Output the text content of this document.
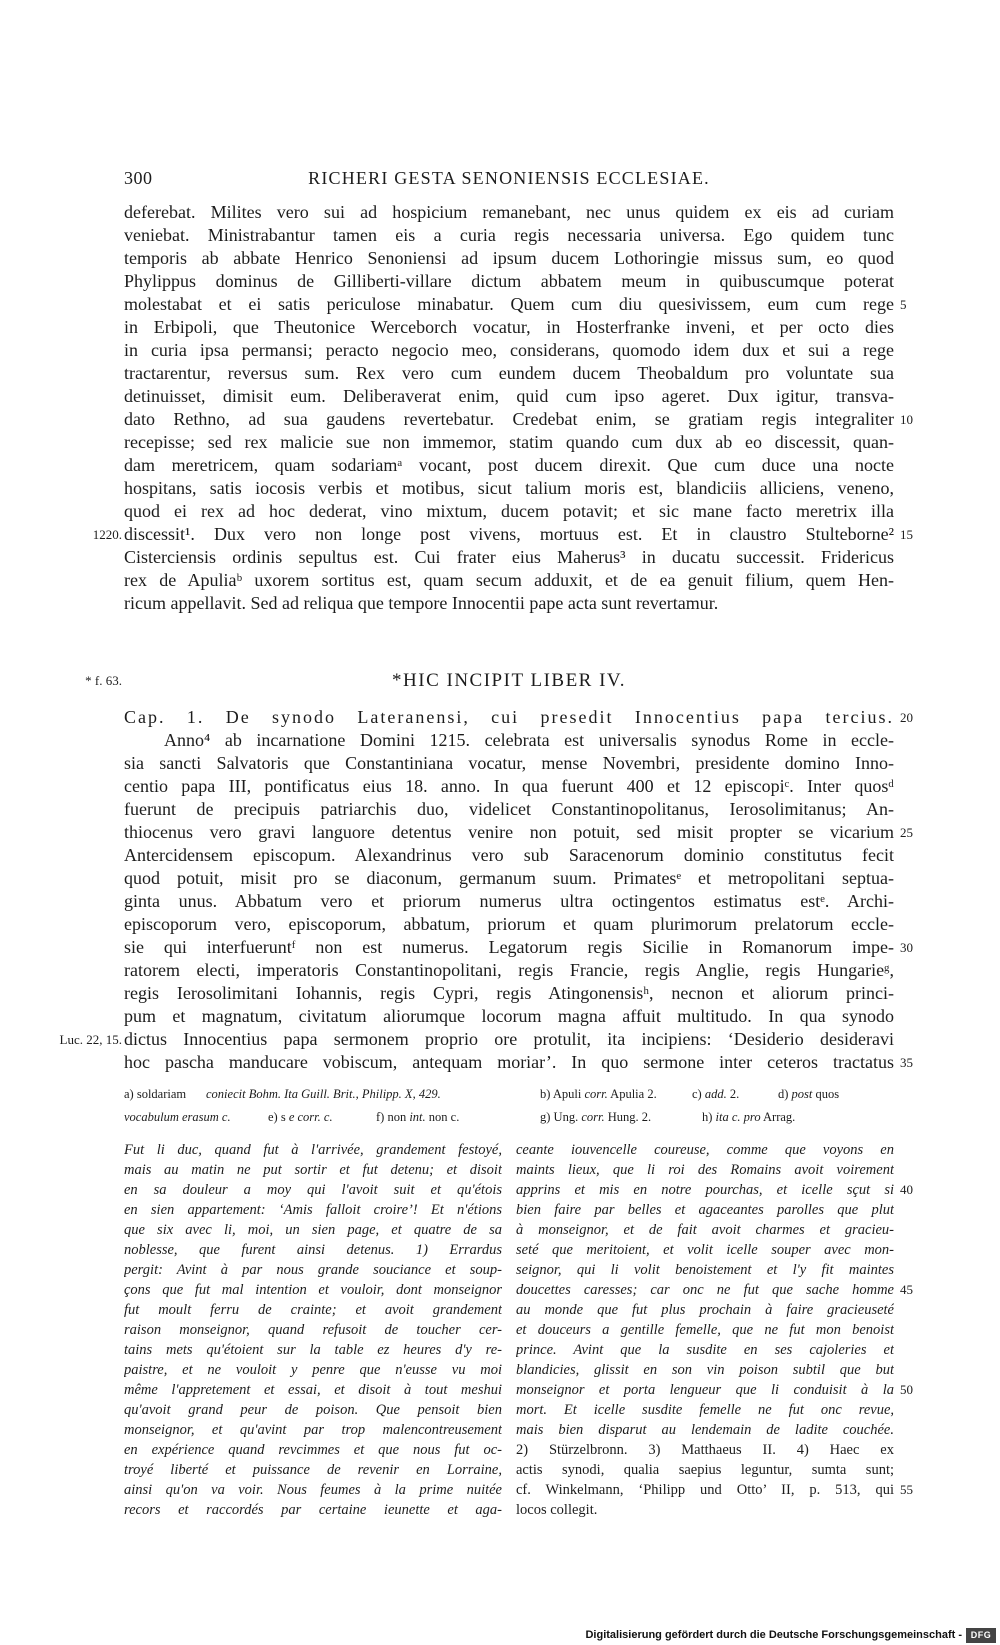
300	RICHERI GESTA SENONIENSIS ECCLESIAE.
deferebat. Milites vero sui ad hospicium remanebant, nec unus quidem ex eis ad curiam
veniebat. Ministrabantur tamen eis a curia regis necessaria universa. Ego quidem tunc
temporis ab abbate Henrico Senoniensi ad ipsum ducem Lothoringie missus sum, eo quod
Phylippus dominus de Gilliberti-villare dictum abbatem meum in quibuscumque poterat
molestabat et ei satis periculose minabatur. Quem cum diu quesivissem, eum cum rege
in Erbipoli, que Theutonice Werceborch vocatur, in Hosterfranke inveni, et per octo dies
in curia ipsa permansi; peracto negocio meo, considerans, quomodo idem dux et sui a rege
tractarentur, reversus sum. Rex vero cum eundem ducem Theobaldum pro voluntate sua
detinuisset, dimisit eum. Deliberaverat enim, quid cum ipso ageret. Dux igitur, transva-
dato Rethno, ad sua gaudens revertebatur. Credebat enim, se gratiam regis integraliter
recepisse; sed rex malicie sue non immemor, statim quando cum dux ab eo discessit, quan-
dam meretricem, quam sodariamᵃ vocant, post ducem direxit. Que cum duce una nocte
hospitans, satis iocosis verbis et motibus, sicut talium moris est, blandiciis alliciens, veneno,
quod ei rex ad hoc dederat, vino mixtum, ducem potavit; et sic mane facto meretrix illa
discessit¹. Dux vero non longe post vivens, mortuus est. Et in claustro Stulteborne²
Cisterciensis ordinis sepultus est. Cui frater eius Maherus³ in ducatu successit. Fridericus
rex de Apuliaᵇ uxorem sortitus est, quam secum adduxit, et de ea genuit filium, quem Hen-
ricum appellavit. Sed ad reliqua que tempore Innocentii pape acta sunt revertamur.
5
10
1220.	15
* f. 63.	*HIC INCIPIT LIBER IV.
Cap. 1. De synodo Lateranensi, cui presedit Innocentius papa tercius.
Anno⁴ ab incarnatione Domini 1215. celebrata est universalis synodus Rome in eccle-
sia sancti Salvatoris que Constantiniana vocatur, mense Novembri, presidente domino Inno-
centio papa III, pontificatus eius 18. anno. In qua fuerunt 400 et 12 episcopiᶜ. Inter quosᵈ
fuerunt de precipuis patriarchis duo, videlicet Constantinopolitanus, Ierosolimitanus; An-
thiocenus vero gravi languore detentus venire non potuit, sed misit propter se vicarium
Antercidensem episcopum. Alexandrinus vero sub Saracenorum dominio constitutus fecit
quod potuit, misit pro se diaconum, germanum suum. Primatesᵉ et metropolitani septua-
ginta unus. Abbatum vero et priorum numerus ultra octingentos estimatus estᵉ. Archi-
episcoporum vero, episcoporum, abbatum, priorum et quam plurimorum prelatorum eccle-
sie qui interfueruntᶠ non est numerus. Legatorum regis Sicilie in Romanorum impe-
ratorem electi, imperatoris Constantinopolitani, regis Francie, regis Anglie, regis Hungarieᵍ,
regis Ierosolimitani Iohannis, regis Cypri, regis Atingonensisʰ, necnon et aliorum princi-
pum et magnatum, civitatum aliorumque locorum magna affuit multitudo. In qua synodo
dictus Innocentius papa sermonem proprio ore protulit, ita incipiens: ‘Desiderio desideravi
hoc pascha manducare vobiscum, antequam moriar’. In quo sermone inter ceteros tractatus
20
25
30
Luc. 22, 15.
35
a) soldariam coniecit Bohm. Ita Guill. Brit., Philipp. X, 429.	b) Apuli corr. Apulia 2.	c) add. 2.	d) post quos
vocabulum erasum c.	e) s e corr. c.	f) non int. non c.	g) Ung. corr. Hung. 2.	h) ita c. pro Arrag.
Fut li duc, quand fut à l'arrivée, grandement festoyé,
mais au matin ne put sortir et fut detenu; et disoit
en sa douleur a moy qui l'avoit suit et qu'étois
en sien appartement: ‘Amis falloit croire’! Et n'étions
que six avec li, moi, un sien page, et quatre de sa
noblesse, que furent ainsi detenus. 1) Errardus
pergit: Avint à par nous grande souciance et soup-
çons que fut mal intention et vouloir, dont monseignor
fut moult ferru de crainte; et avoit grandement
raison monseignor, quand refusoit de toucher cer-
tains mets qu'étoient sur la table ez heures d'y re-
paistre, et ne vouloit y penre que n'eusse vu moi
même l'appretement et essai, et disoit à tout meshui
qu'avoit grand peur de poison. Que pensoit bien
monseignor, et qu'avint par trop malencontreusement
en expérience quand revcimmes et que nous fut oc-
troyé liberté et puissance de revenir en Lorraine,
ainsi qu'on va voir. Nous feumes à la prime nuitée
recors et raccordés par certaine ieunette et aga-
ceante iouvencelle coureuse, comme que voyons en
maints lieux, que li roi des Romains avoit voirement
apprins et mis en notre pourchas, et icelle sçut si
bien faire par belles et agaceantes parolles que plut
à monseignor, et de fait avoit charmes et gracieu-
seté que meritoient, et volit icelle souper avec mon-
seignor, qui li volit benoistement et l'y fit maintes
doucettes caresses; car onc ne fut que sache homme
au monde que fut plus prochain à faire gracieuseté
et douceurs a gentille femelle, que ne fut mon benoist
prince. Avint que la susdite en ses cajoleries et
blandicies, glissit en son vin poison subtil que but
monseignor et porta lengueur que li conduisit à la
mort. Et icelle susdite femelle ne fut onc revue,
mais bien disparut au lendemain de ladite couchée.
2) Stürzelbronn. 3) Matthaeus II. 4) Haec ex
actis synodi, qualia saepius leguntur, sumta sunt;
cf. Winkelmann, ‘Philipp und Otto’ II, p. 513, qui
locos collegit.
40
45
50
55
Digitalisierung gefördert durch die Deutsche Forschungsgemeinschaft - DFG
